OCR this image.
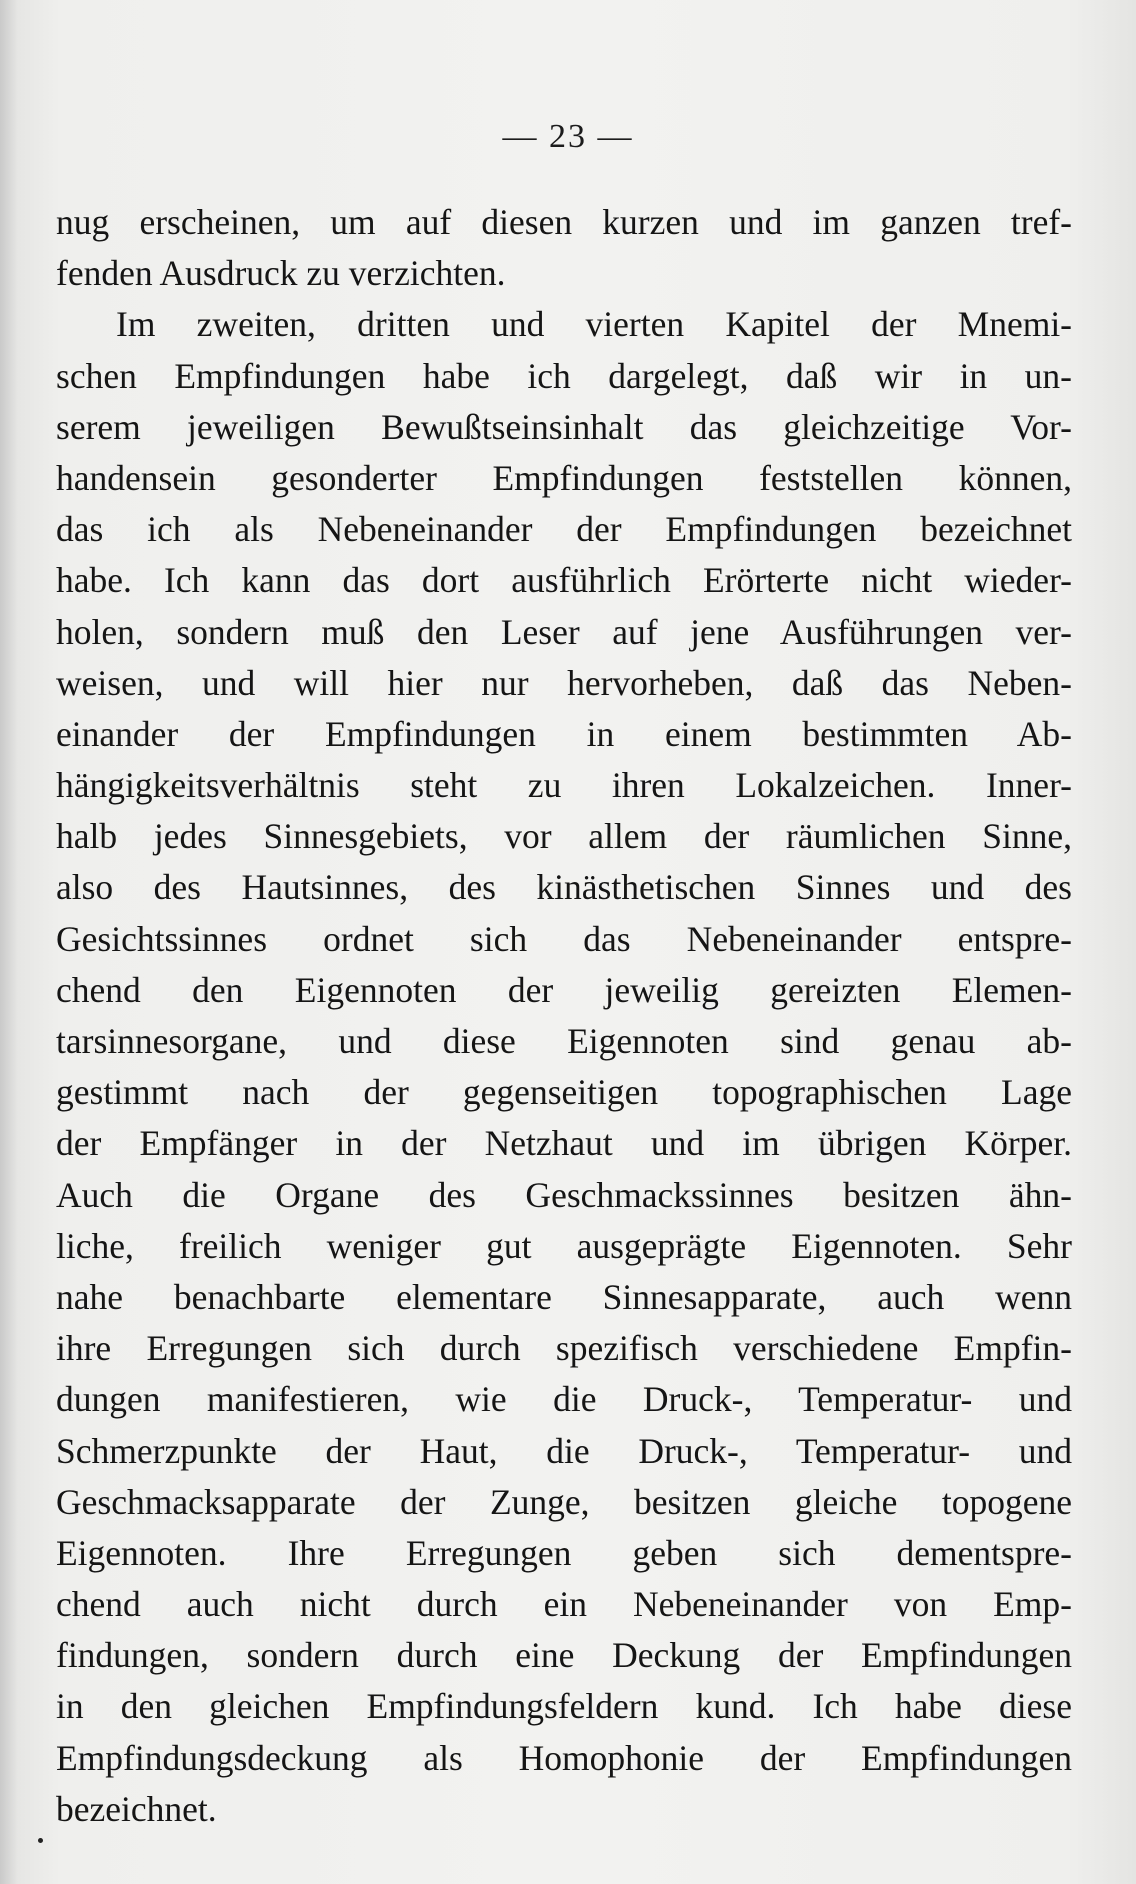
— 23 —
nug erscheinen, um auf diesen kurzen und im ganzen tref-
fenden Ausdruck zu verzichten.
Im zweiten, dritten und vierten Kapitel der Mnemi-
schen Empfindungen habe ich dargelegt, daß wir in un-
serem jeweiligen Bewußtseinsinhalt das gleichzeitige Vor-
handensein gesonderter Empfindungen feststellen können,
das ich als Nebeneinander der Empfindungen bezeichnet
habe. Ich kann das dort ausführlich Erörterte nicht wieder-
holen, sondern muß den Leser auf jene Ausführungen ver-
weisen, und will hier nur hervorheben, daß das Neben-
einander der Empfindungen in einem bestimmten Ab-
hängigkeitsverhältnis steht zu ihren Lokalzeichen. Inner-
halb jedes Sinnesgebiets, vor allem der räumlichen Sinne,
also des Hautsinnes, des kinästhetischen Sinnes und des
Gesichtssinnes ordnet sich das Nebeneinander entspre-
chend den Eigennoten der jeweilig gereizten Elemen-
tarsinnesorgane, und diese Eigennoten sind genau ab-
gestimmt nach der gegenseitigen topographischen Lage
der Empfänger in der Netzhaut und im übrigen Körper.
Auch die Organe des Geschmackssinnes besitzen ähn-
liche, freilich weniger gut ausgeprägte Eigennoten. Sehr
nahe benachbarte elementare Sinnesapparate, auch wenn
ihre Erregungen sich durch spezifisch verschiedene Empfin-
dungen manifestieren, wie die Druck-, Temperatur- und
Schmerzpunkte der Haut, die Druck-, Temperatur- und
Geschmacksapparate der Zunge, besitzen gleiche topogene
Eigennoten. Ihre Erregungen geben sich dementspre-
chend auch nicht durch ein Nebeneinander von Emp-
findungen, sondern durch eine Deckung der Empfindungen
in den gleichen Empfindungsfeldern kund. Ich habe diese
Empfindungsdeckung als Homophonie der Empfindungen
bezeichnet.
